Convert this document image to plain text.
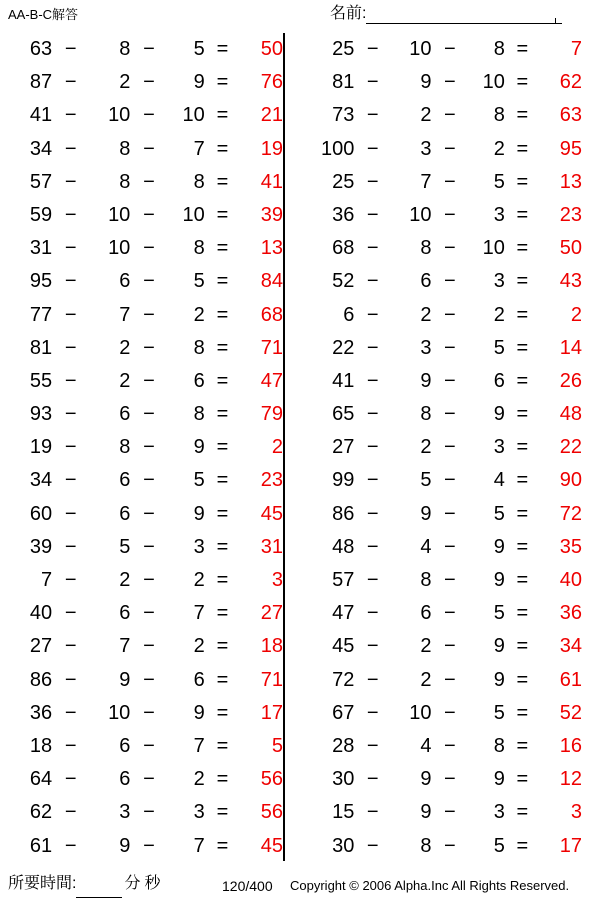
AA-B-C解答	名前:
63 −	8 −	5 =	50
87 −	2 −	9 =	76
41 −	10 −	10 =	21
34 −	8 −	7 =	19
57 −	8 −	8 =	41
59 −	10 −	10 =	39
31 −	10 −	8 =	13
95 −	6 −	5 =	84
77 −	7 −	2 =	68
81 −	2 −	8 =	71
55 −	2 −	6 =	47
93 −	6 −	8 =	79
19 −	8 −	9 =	2
34 −	6 −	5 =	23
60 −	6 −	9 =	45
39 −	5 −	3 =	31
7 −	2 −	2 =	3
40 −	6 −	7 =	27
27 −	7 −	2 =	18
86 −	9 −	6 =	71
36 −	10 −	9 =	17
18 −	6 −	7 =	5
64 −	6 −	2 =	56
62 −	3 −	3 =	56
61 −	9 −	7 =	45
25 −	10 −	8 =	7
81 −	9 −	10 =	62
73 −	2 −	8 =	63
100 −	3 −	2 =	95
25 −	7 −	5 =	13
36 −	10 −	3 =	23
68 −	8 −	10 =	50
52 −	6 −	3 =	43
6 −	2 −	2 =	2
22 −	3 −	5 =	14
41 −	9 −	6 =	26
65 −	8 −	9 =	48
27 −	2 −	3 =	22
99 −	5 −	4 =	90
86 −	9 −	5 =	72
48 −	4 −	9 =	35
57 −	8 −	9 =	40
47 −	6 −	5 =	36
45 −	2 −	9 =	34
72 −	2 −	9 =	61
67 −	10 −	5 =	52
28 −	4 −	8 =	16
30 −	9 −	9 =	12
15 −	9 −	3 =	3
30 −	8 −	5 =	17
所要時間:	分 秒	120/400 Copyright © 2006 Alpha.Inc All Rights Reserved.
